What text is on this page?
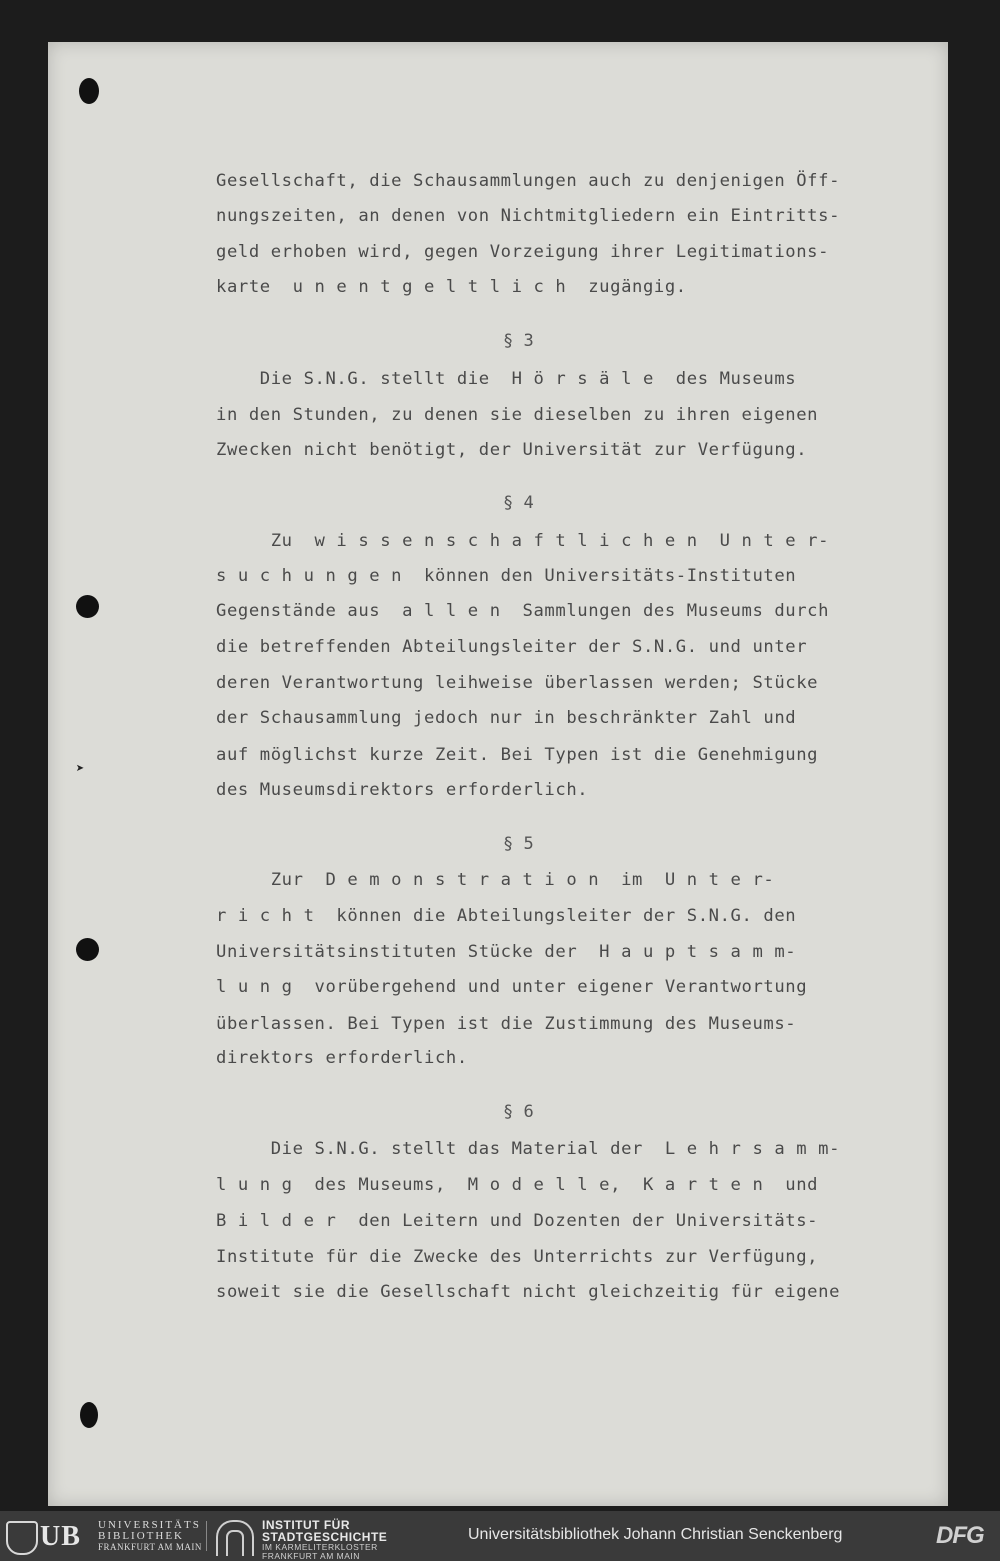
➤
Gesellschaft, die Schausammlungen auch zu denjenigen Öff-
nungszeiten, an denen von Nichtmitgliedern ein Eintritts-
geld erhoben wird, gegen Vorzeigung ihrer Legitimations-
karte  u n e n t g e l t l i c h  zugängig.
§ 3
Die S.N.G. stellt die  H ö r s ä l e  des Museums
in den Stunden, zu denen sie dieselben zu ihren eigenen
Zwecken nicht benötigt, der Universität zur Verfügung.
§ 4
Zu  w i s s e n s c h a f t l i c h e n  U n t e r-
s u c h u n g e n  können den Universitäts-Instituten
Gegenstände aus  a l l e n  Sammlungen des Museums durch
die betreffenden Abteilungsleiter der S.N.G. und unter
deren Verantwortung leihweise überlassen werden; Stücke
der Schausammlung jedoch nur in beschränkter Zahl und
auf möglichst kurze Zeit. Bei Typen ist die Genehmigung
des Museumsdirektors erforderlich.
§ 5
Zur  D e m o n s t r a t i o n  im  U n t e r-
r i c h t  können die Abteilungsleiter der S.N.G. den
Universitätsinstituten Stücke der  H a u p t s a m m-
l u n g  vorübergehend und unter eigener Verantwortung
überlassen. Bei Typen ist die Zustimmung des Museums-
direktors erforderlich.
§ 6
Die S.N.G. stellt das Material der  L e h r s a m m-
l u n g  des Museums,  M o d e l l e,  K a r t e n  und
B i l d e r  den Leitern und Dozenten der Universitäts-
Institute für die Zwecke des Unterrichts zur Verfügung,
soweit sie die Gesellschaft nicht gleichzeitig für eigene
UB UNIVERSITÄTS
BIBLIOTHEK
FRANKFURT AM MAIN
INSTITUT FÜR
STADTGESCHICHTE
IM KARMELITERKLOSTER
FRANKFURT AM MAIN
Universitätsbibliothek Johann Christian Senckenberg	DFG
